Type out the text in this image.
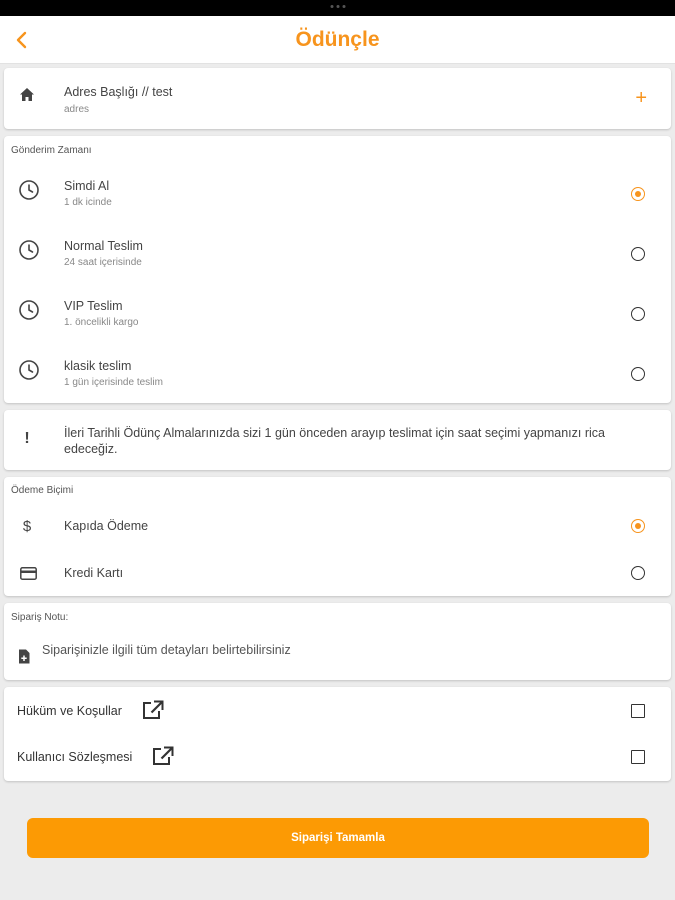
Ödünçle
Adres Başlığı // test
adres
+
Gönderim Zamanı
Simdi Al
1 dk icinde
Normal Teslim
24 saat içerisinde
VIP Teslim
1. öncelikli kargo
klasik teslim
1 gün içerisinde teslim
!	İleri Tarihli Ödünç Almalarınızda sizi 1 gün önceden arayıp teslimat için saat seçimi yapmanızı rica edeceğiz.
Ödeme Biçimi
$	Kapıda Ödeme
Kredi Kartı
Sipariş Notu:
Siparişinizle ilgili tüm detayları belirtebilirsiniz
Hüküm ve Koşullar
Kullanıcı Sözleşmesi
Siparişi Tamamla
